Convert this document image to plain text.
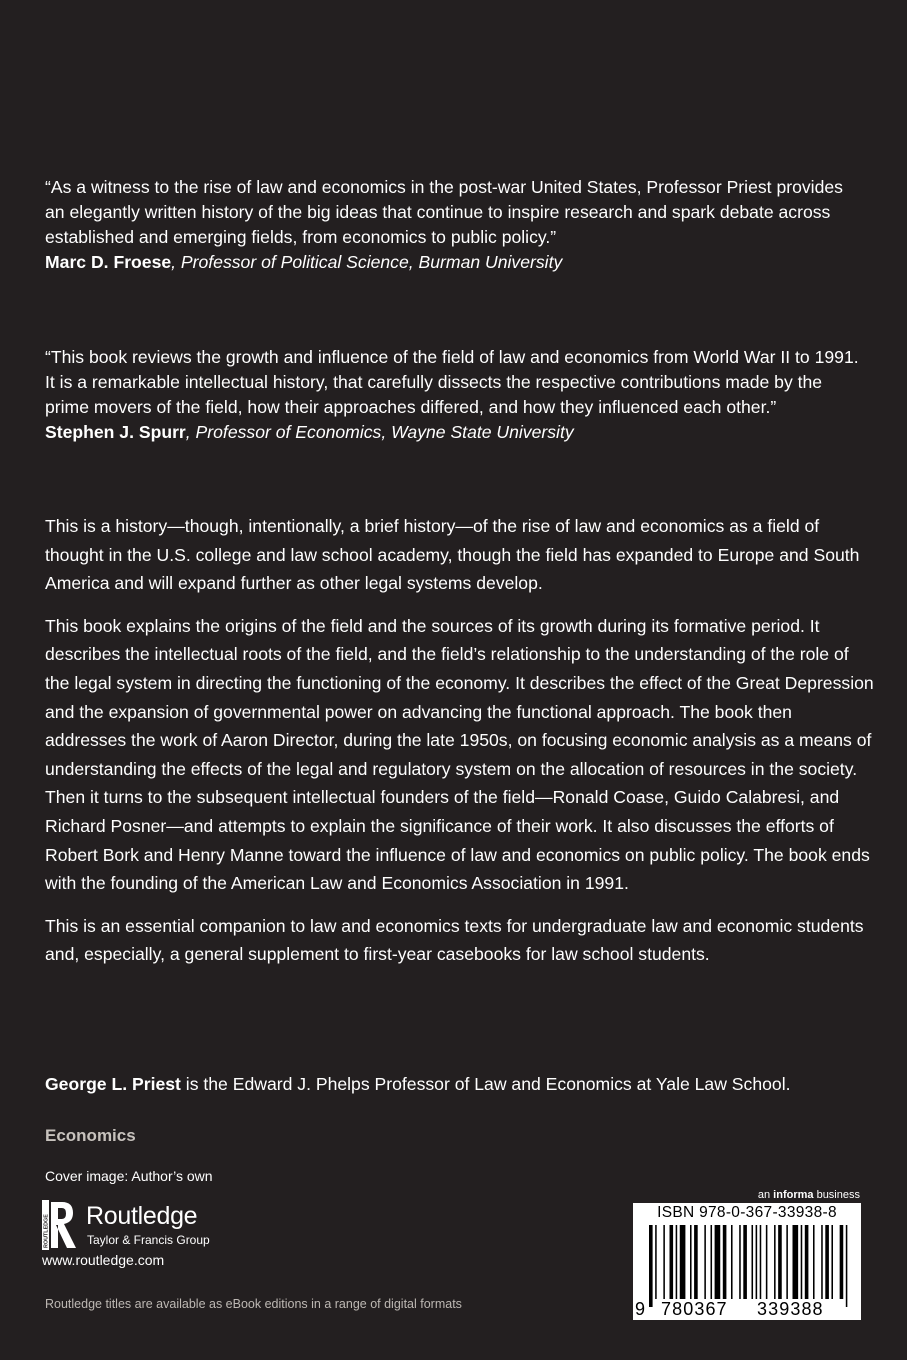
“As a witness to the rise of law and economics in the post-war United States, Professor Priest provides an elegantly written history of the big ideas that continue to inspire research and spark debate across established and emerging fields, from economics to public policy.”
Marc D. Froese, Professor of Political Science, Burman University
“This book reviews the growth and influence of the field of law and economics from World War II to 1991. It is a remarkable intellectual history, that carefully dissects the respective contributions made by the prime movers of the field, how their approaches differed, and how they influenced each other.”
Stephen J. Spurr, Professor of Economics, Wayne State University

This is a history—though, intentionally, a brief history—of the rise of law and economics as a field of thought in the U.S. college and law school academy, though the field has expanded to Europe and South America and will expand further as other legal systems develop.

This book explains the origins of the field and the sources of its growth during its formative period. It describes the intellectual roots of the field, and the field’s relationship to the understanding of the role of the legal system in directing the functioning of the economy. It describes the effect of the Great Depression and the expansion of governmental power on advancing the functional approach. The book then addresses the work of Aaron Director, during the late 1950s, on focusing economic analysis as a means of understanding the effects of the legal and regulatory system on the allocation of resources in the society. Then it turns to the subsequent intellectual founders of the field—Ronald Coase, Guido Calabresi, and Richard Posner—and attempts to explain the significance of their work. It also discusses the efforts of Robert Bork and Henry Manne toward the influence of law and economics on public policy. The book ends with the founding of the American Law and Economics Association in 1991.

This is an essential companion to law and economics texts for undergraduate law and economic students and, especially, a general supplement to first-year casebooks for law school students.

George L. Priest is the Edward J. Phelps Professor of Law and Economics at Yale Law School.
Economics
Cover image: Author’s own
ROUTLEDGE Routledge
Taylor & Francis Group
www.routledge.com
Routledge titles are available as eBook editions in a range of digital formats
an informa business
ISBN 978-0-367-33938-8
9 780367 339388
